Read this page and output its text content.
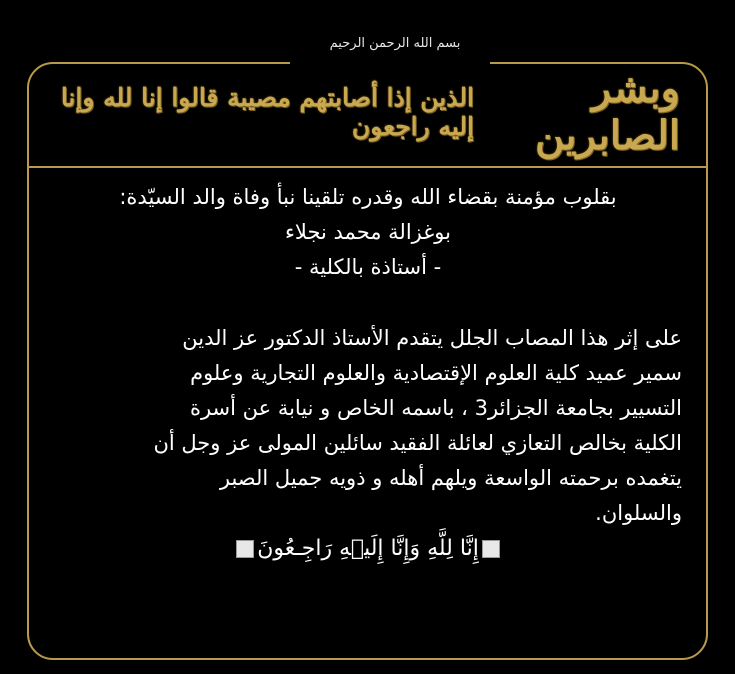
بسم الله الرحمن الرحيم
وبشر الصابرين
الذين إذا أصابتهم مصيبة قالوا إنا لله وإنا إليه راجعون

بقلوب مؤمنة بقضاء الله وقدره تلقينا نبأ وفاة والد السيّدة:

بوغزالة محمد نجلاء

- أستاذة بالكلية -

على إثر هذا المصاب الجلل يتقدم الأستاذ الدكتور عز الدين

سمير عميد كلية العلوم الإقتصادية والعلوم التجارية وعلوم

التسيير بجامعة الجزائر3 ، باسمه الخاص و نيابة عن أسرة

الكلية بخالص التعازي لعائلة الفقيد سائلين المولى عز وجل أن

يتغمده برحمته الواسعة ويلهم أهله و ذويه جميل الصبر

والسلوان.

إِنَّا لِلَّهِ وَإِنَّا إِلَيۡهِ رَاجِـعُونَ
